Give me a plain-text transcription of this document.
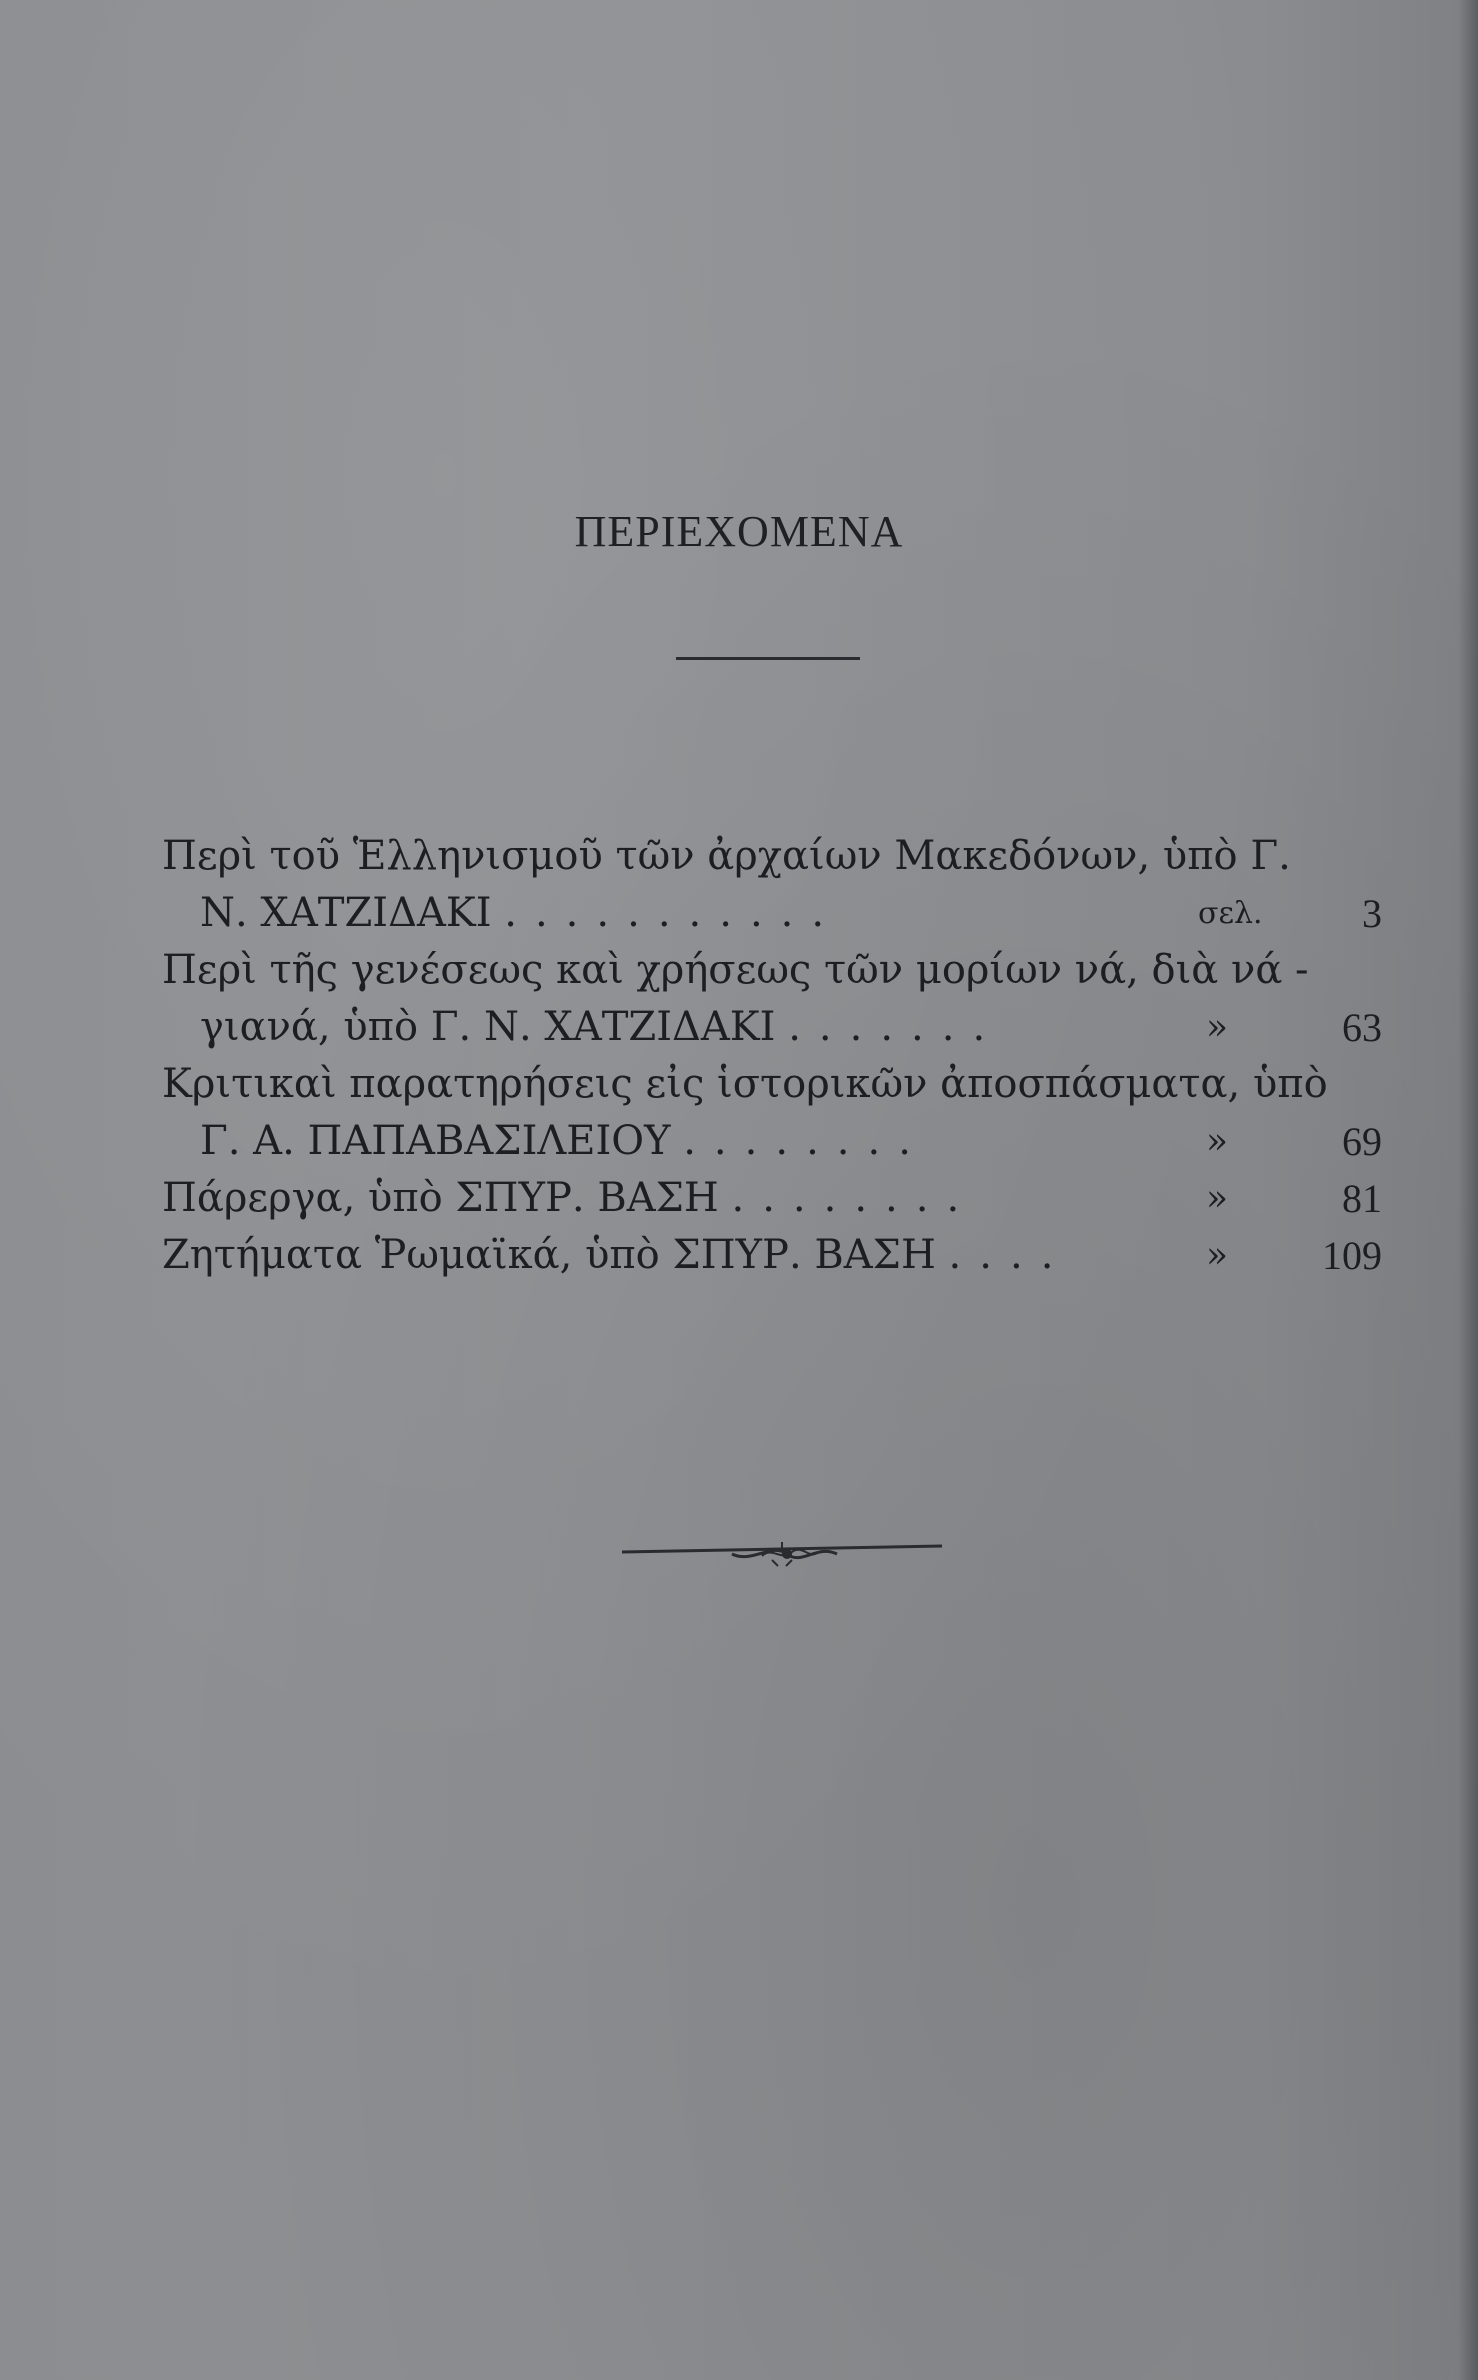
ΠΕΡΙΕΧΟΜΕΝΑ
Περὶ τοῦ Ἑλληνισμοῦ τῶν ἀρχαίων Μακεδόνων, ὑπὸ Γ.
Ν. ΧΑΤΖΙΔΑΚΙ ...........	σελ.	3
Περὶ τῆς γενέσεως καὶ χρήσεως τῶν μορίων νά, διὰ νά -
γιανά, ὑπὸ Γ. Ν. ΧΑΤΖΙΔΑΚΙ .......	»	63
Κριτικαὶ παρατηρήσεις εἰς ἱστορικῶν ἀποσπάσματα, ὑπὸ
Γ. Α. ΠΑΠΑΒΑΣΙΛΕΙΟΥ ........	»	69
Πάρεργα, ὑπὸ ΣΠΥΡ. ΒΑΣΗ ........	»	81
Ζητήματα Ῥωμαϊκά, ὑπὸ ΣΠΥΡ. ΒΑΣΗ ....	»	109
